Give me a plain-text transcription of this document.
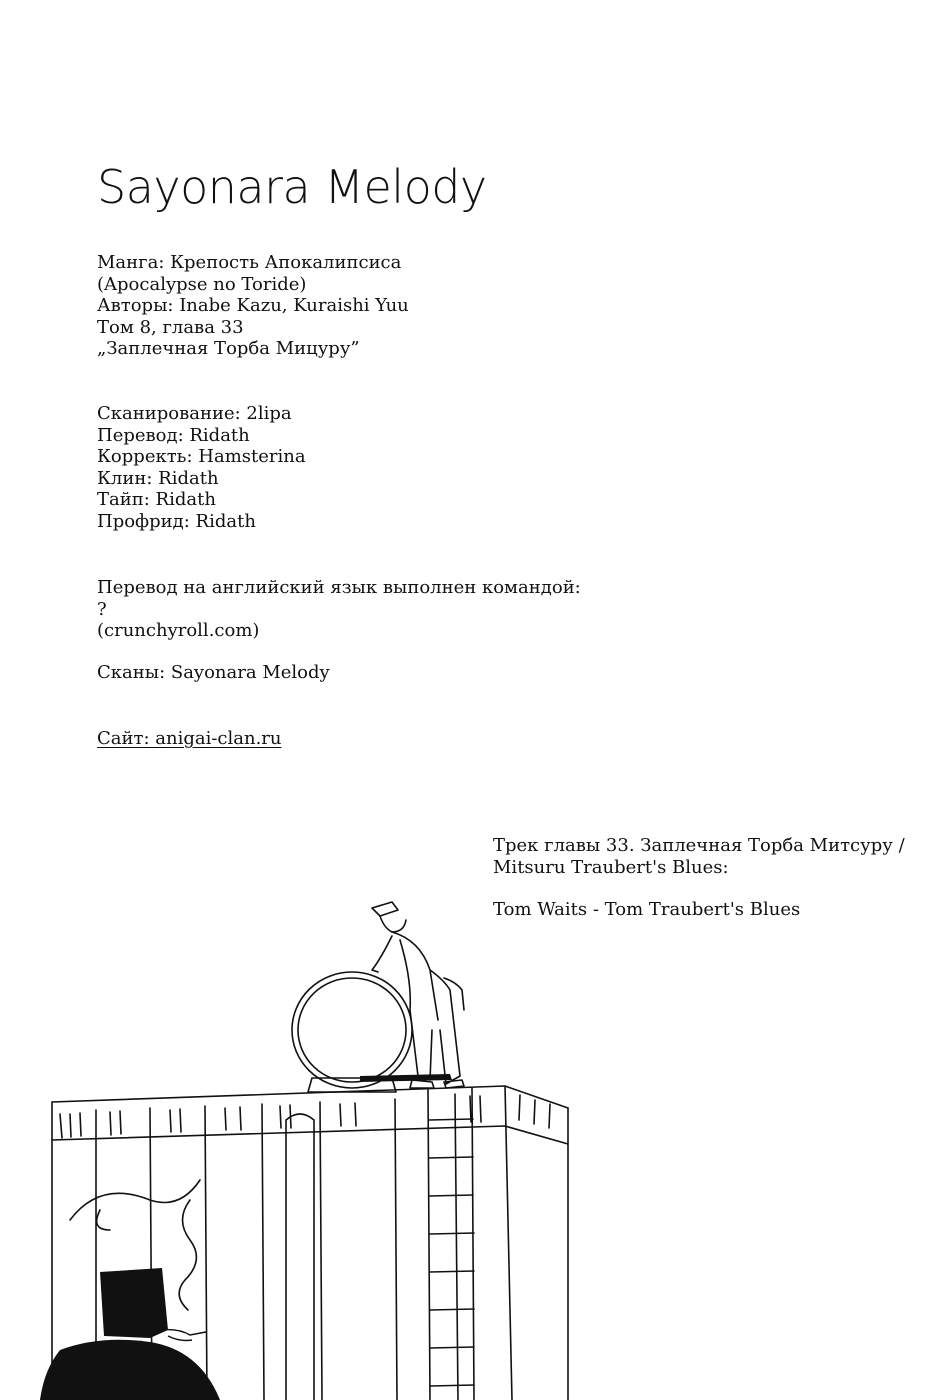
Sayonara Melody
Манга: Крепость Апокалипсиса
(Apocalypse no Toride)
Авторы: Inabe Kazu, Kuraishi Yuu
Том 8, глава 33
„Заплечная Торба Мицуру”
Сканирование: 2lipa
Перевод: Ridath
Корректь: Hamsterina
Клин: Ridath
Тайп: Ridath
Профрид: Ridath
Перевод на английский язык выполнен командой:
?
(crunchyroll.com)
Сканы: Sayonara Melody
Сайт: anigai-clan.ru
Трек главы 33. Заплечная Торба Митсуру /
Mitsuru Traubert's Blues:
Tom Waits - Tom Traubert's Blues
